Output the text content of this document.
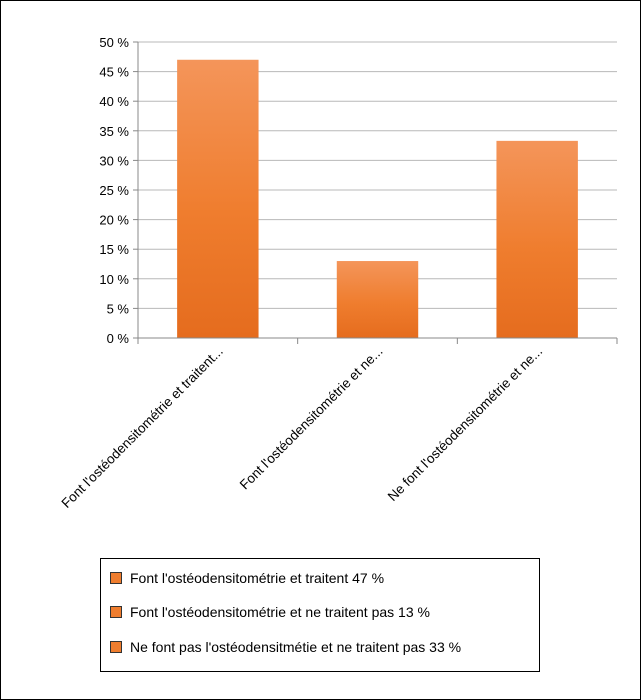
0 %
5 %
10 %
15 %
20 %
25 %
30 %
35 %
40 %
45 %
50 %
Font l'ostéodensitométrie et traitent... Font l'ostéodensitométrie et ne... Ne font l'ostéodensitométrie et ne...
Font l'ostéodensitométrie et traitent 47 %
Font l'ostéodensitométrie et ne traitent pas 13 %
Ne font pas l'ostéodensitmétie et ne traitent pas 33 %
